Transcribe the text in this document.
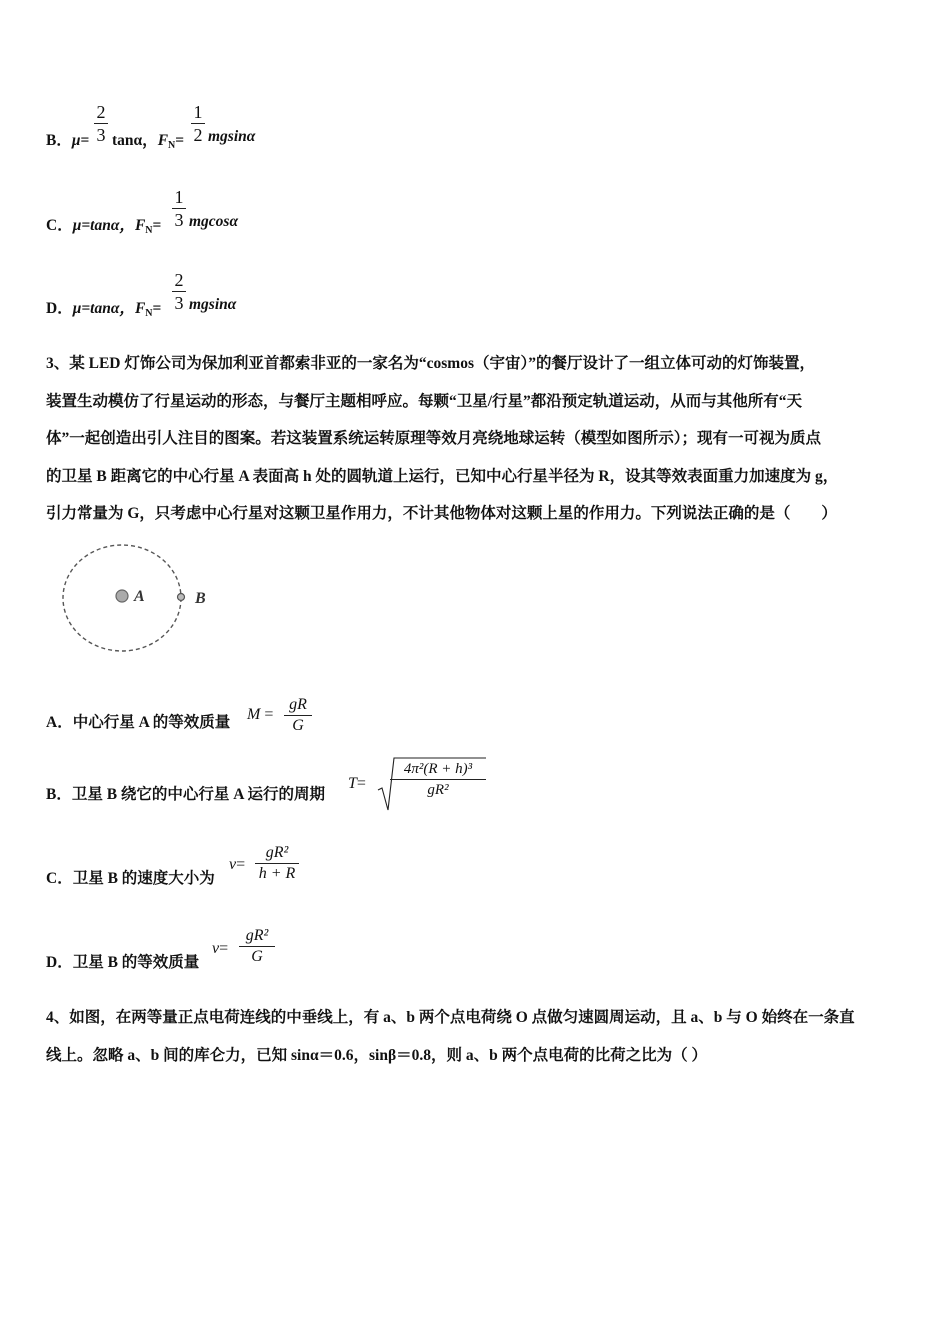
B．μ=
2
3 tanα，$F_N=$
1
2 mgsinα
C．μ=tanα，$F_N=$
1
3 mgcosα
D．μ=tanα，$F_N=$
2
3 mgsinα
3、某 LED 灯饰公司为保加利亚首都索非亚的一家名为“cosmos（宇宙）”的餐厅设计了一组立体可动的灯饰装置，
装置生动模仿了行星运动的形态，与餐厅主题相呼应。每颗“卫星/行星”都沿预定轨道运动，从而与其他所有“天
体”一起创造出引人注目的图案。若这装置系统运转原理等效月亮绕地球运转（模型如图所示）；现有一可视为质点
的卫星 B 距离它的中心行星 A 表面高 h 处的圆轨道上运行，已知中心行星半径为 R，设其等效表面重力加速度为 g，
引力常量为 G，只考虑中心行星对这颗卫星作用力，不计其他物体对这颗上星的作用力。下列说法正确的是（　　）
A	B
A．中心行星 A 的等效质量 M =
gR
G
B．卫星 B 绕它的中心行星 A 运行的周期
T=
4π²(R + h)³
gR²
C．卫星 B 的速度大小为
v=
gR²
h + R
D．卫星 B 的等效质量
v=
gR²
G
4、如图，在两等量正点电荷连线的中垂线上，有 a、b 两个点电荷绕 O 点做匀速圆周运动，且 a、b 与 O 始终在一条直
线上。忽略 a、b 间的库仑力，已知 sinα＝0.6，sinβ＝0.8，则 a、b 两个点电荷的比荷之比为（ ）
